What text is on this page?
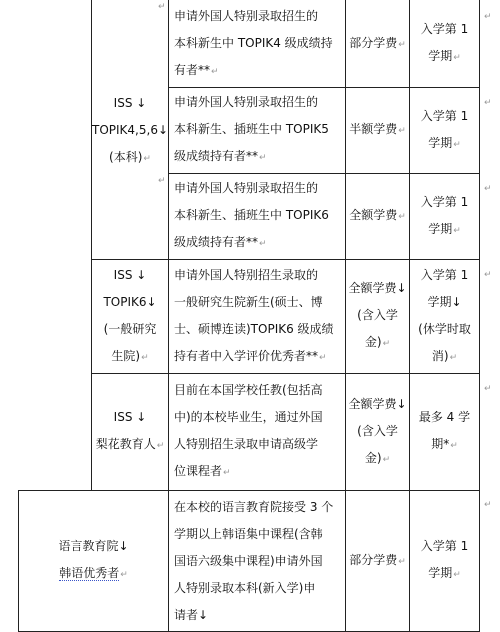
↵
↵
↵
↵
↵
↵
↵
↵
申请外国人特别录取招生的
本科新生中 TOPIK4 级成绩持
有者**↵
部分学费↵
入学第 1
学期↵
ISS ↓
TOPIK4,5,6↓
(本科)↵
申请外国人特别录取招生的
本科新生、插班生中 TOPIK5
级成绩持有者**↵
半额学费↵
入学第 1
学期↵
申请外国人特别录取招生的
本科新生、插班生中 TOPIK6
级成绩持有者**↵
全额学费↵
入学第 1
学期↵
ISS ↓
TOPIK6↓
(一般研究
生院)↵
申请外国人特别招生录取的
一般研究生院新生(硕士、博
士、硕博连读)TOPIK6 级成绩
持有者中入学评价优秀者**↵
全额学费↓
(含入学
金)↵
入学第 1
学期↓
(休学时取
消)↵
ISS ↓
梨花教育人↵
目前在本国学校任教(包括高
中)的本校毕业生，通过外国
人特别招生录取申请高级学
位课程者↵
全额学费↓
(含入学
金)↵
最多 4 学
期*↵
语言教育院↓
韩语优秀者↵
在本校的语言教育院接受 3 个
学期以上韩语集中课程(含韩
国语六级集中课程)申请外国
人特别录取本科(新入学)申
请者↓
部分学费↵
入学第 1
学期↵
